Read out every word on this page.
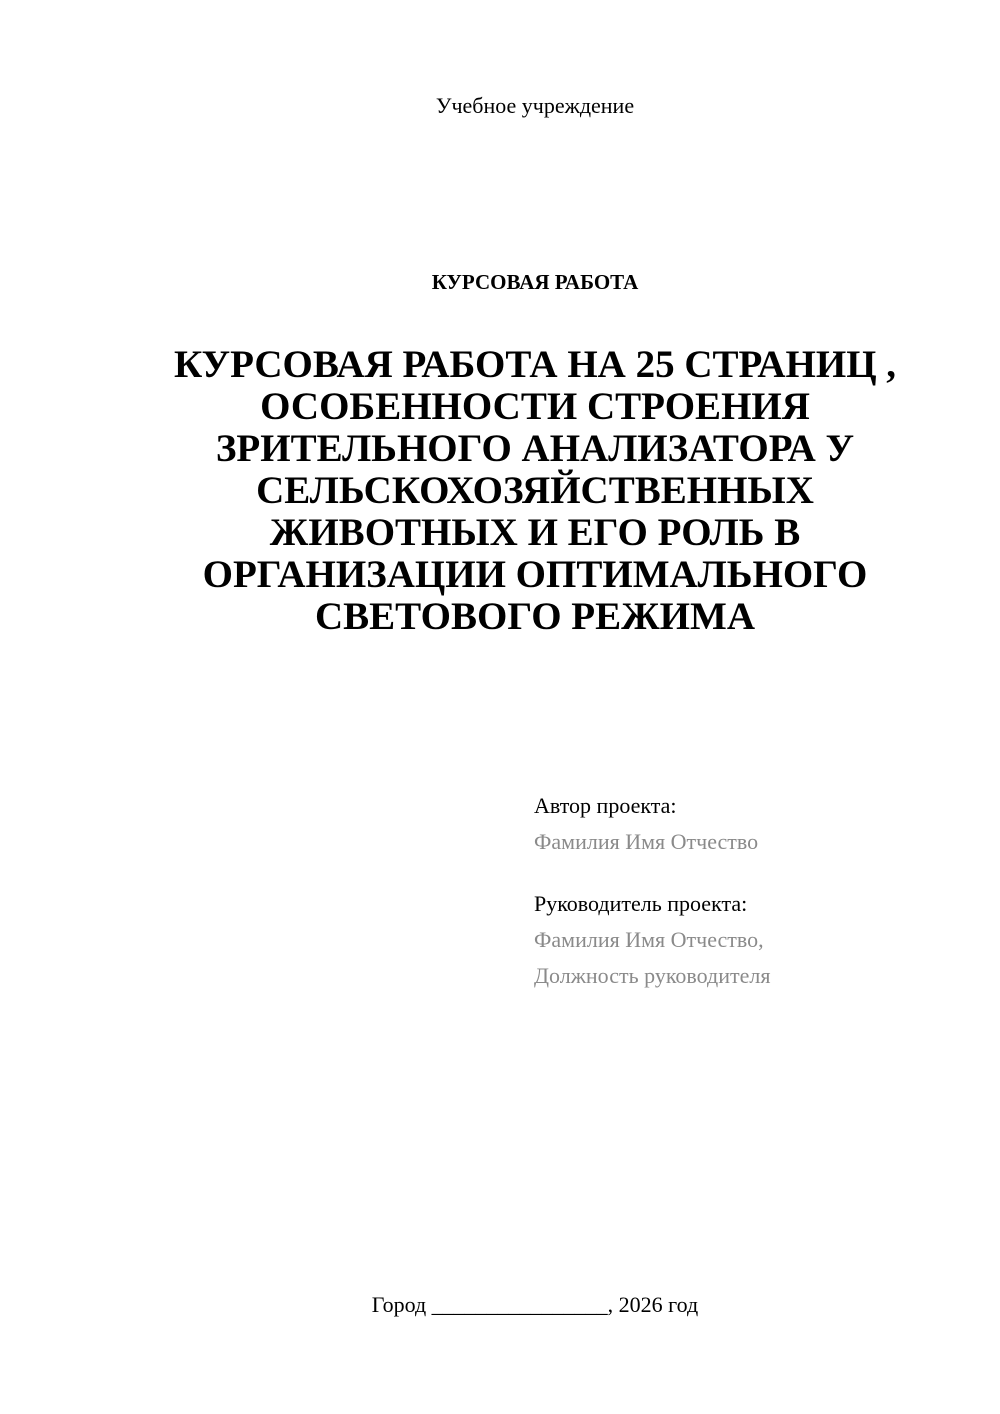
Учебное учреждение
КУРСОВАЯ РАБОТА
КУРСОВАЯ РАБОТА НА 25 СТРАНИЦ , ОСОБЕННОСТИ СТРОЕНИЯ ЗРИТЕЛЬНОГО АНАЛИЗАТОРА У СЕЛЬСКОХОЗЯЙСТВЕННЫХ ЖИВОТНЫХ И ЕГО РОЛЬ В ОРГАНИЗАЦИИ ОПТИМАЛЬНОГО СВЕТОВОГО РЕЖИМА
Автор проекта:
Фамилия Имя Отчество
Руководитель проекта:
Фамилия Имя Отчество,
Должность руководителя
Город ________________, 2026 год
